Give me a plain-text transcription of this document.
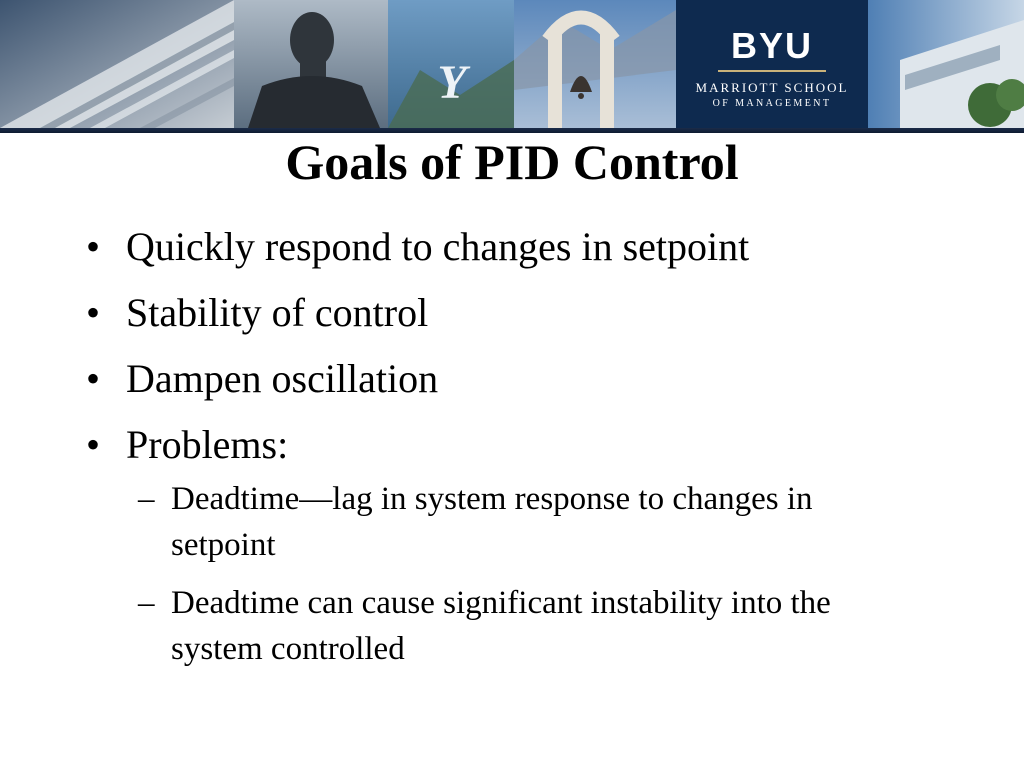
Y
BYU
MARRIOTT SCHOOL
OF MANAGEMENT
Goals of PID Control
• Quickly respond to changes in setpoint
• Stability of control
• Dampen oscillation
• Problems:
– Deadtime—lag in system response to changes in setpoint
– Deadtime can cause significant instability into the system controlled
